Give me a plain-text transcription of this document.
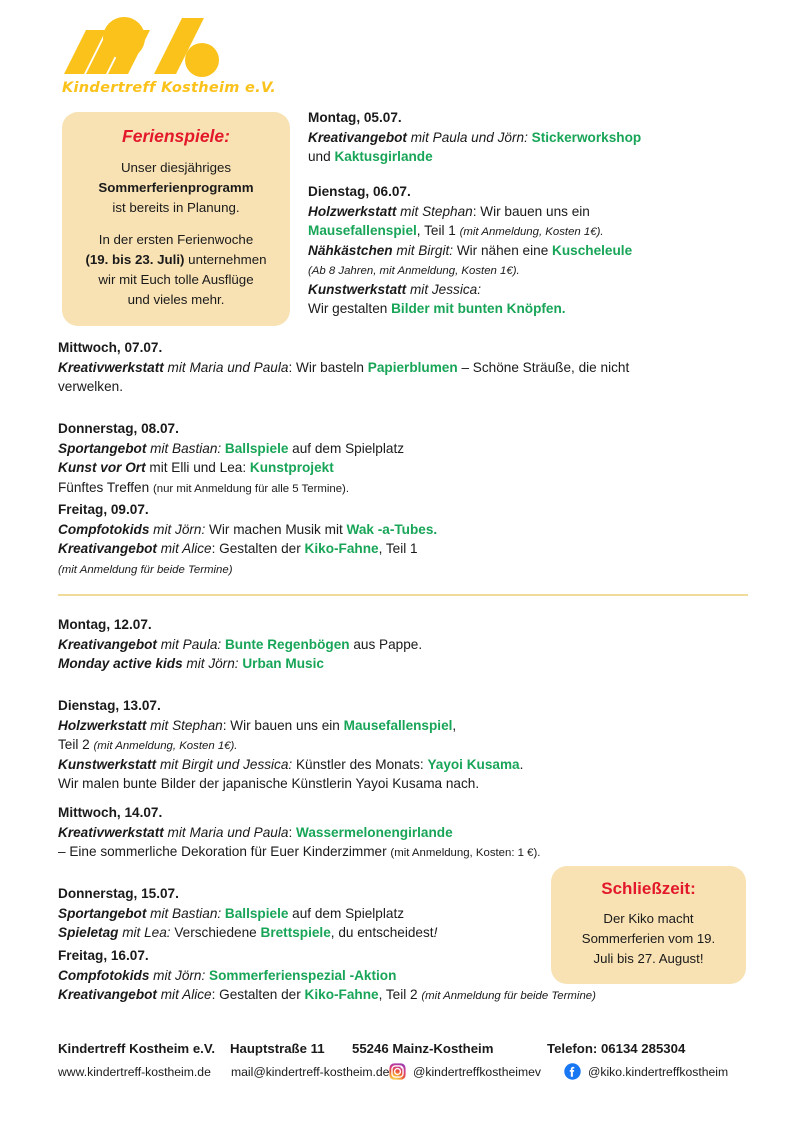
Kindertreff Kostheim e.V.
Ferienspiele:

Unser diesjähriges
Sommerferienprogramm
ist bereits in Planung.

In der ersten Ferienwoche
(19. bis 23. Juli) unternehmen
wir mit Euch tolle Ausflüge
und vieles mehr.

Montag, 05.07.
Kreativangebot mit Paula und Jörn: Stickerworkshop
und Kaktusgirlande
Dienstag, 06.07.
Holzwerkstatt mit Stephan: Wir bauen uns ein
Mausefallenspiel, Teil 1 (mit Anmeldung, Kosten 1€).
Nähkästchen mit Birgit: Wir nähen eine Kuscheleule
(Ab 8 Jahren, mit Anmeldung, Kosten 1€).
Kunstwerkstatt mit Jessica:
Wir gestalten Bilder mit bunten Knöpfen.
Mittwoch, 07.07.
Kreativwerkstatt mit Maria und Paula: Wir basteln Papierblumen – Schöne Sträuße, die nicht
verwelken.
Donnerstag, 08.07.
Sportangebot mit Bastian: Ballspiele auf dem Spielplatz
Kunst vor Ort mit Elli und Lea: Kunstprojekt
Fünftes Treffen (nur mit Anmeldung für alle 5 Termine).
Freitag, 09.07.
Compfotokids mit Jörn: Wir machen Musik mit Wak -a-Tubes.
Kreativangebot mit Alice: Gestalten der Kiko-Fahne, Teil 1
(mit Anmeldung für beide Termine)
Montag, 12.07.
Kreativangebot mit Paula: Bunte Regenbögen aus Pappe.
Monday active kids mit Jörn: Urban Music
Dienstag, 13.07.
Holzwerkstatt mit Stephan: Wir bauen uns ein Mausefallenspiel,
Teil 2 (mit Anmeldung, Kosten 1€).
Kunstwerkstatt mit Birgit und Jessica: Künstler des Monats: Yayoi Kusama.
Wir malen bunte Bilder der japanische Künstlerin Yayoi Kusama nach.
Mittwoch, 14.07.
Kreativwerkstatt mit Maria und Paula: Wassermelonengirlande
– Eine sommerliche Dekoration für Euer Kinderzimmer (mit Anmeldung, Kosten: 1 €).
Schließzeit:

Der Kiko macht
Sommerferien vom 19.
Juli bis 27. August!

Donnerstag, 15.07.
Sportangebot mit Bastian: Ballspiele auf dem Spielplatz
Spieletag mit Lea: Verschiedene Brettspiele, du entscheidest!
Freitag, 16.07.
Compfotokids mit Jörn: Sommerferienspezial -Aktion
Kreativangebot mit Alice: Gestalten der Kiko-Fahne, Teil 2 (mit Anmeldung für beide Termine)
Kindertreff Kostheim e.V.	Hauptstraße 11	55246 Mainz-Kostheim	Telefon: 06134 285304
www.kindertreff-kostheim.de	mail@kindertreff-kostheim.de @kindertreffkostheimev	@kiko.kindertreffkostheim
